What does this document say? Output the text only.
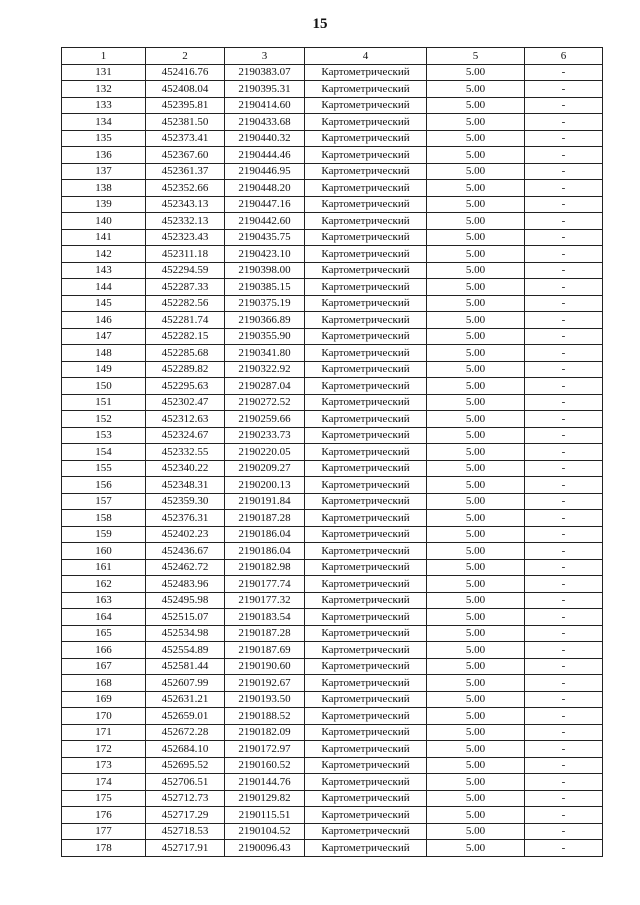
15
1	2	3	4	5	6
131	452416.76	2190383.07	Картометрический	5.00	-
132	452408.04	2190395.31	Картометрический	5.00	-
133	452395.81	2190414.60	Картометрический	5.00	-
134	452381.50	2190433.68	Картометрический	5.00	-
135	452373.41	2190440.32	Картометрический	5.00	-
136	452367.60	2190444.46	Картометрический	5.00	-
137	452361.37	2190446.95	Картометрический	5.00	-
138	452352.66	2190448.20	Картометрический	5.00	-
139	452343.13	2190447.16	Картометрический	5.00	-
140	452332.13	2190442.60	Картометрический	5.00	-
141	452323.43	2190435.75	Картометрический	5.00	-
142	452311.18	2190423.10	Картометрический	5.00	-
143	452294.59	2190398.00	Картометрический	5.00	-
144	452287.33	2190385.15	Картометрический	5.00	-
145	452282.56	2190375.19	Картометрический	5.00	-
146	452281.74	2190366.89	Картометрический	5.00	-
147	452282.15	2190355.90	Картометрический	5.00	-
148	452285.68	2190341.80	Картометрический	5.00	-
149	452289.82	2190322.92	Картометрический	5.00	-
150	452295.63	2190287.04	Картометрический	5.00	-
151	452302.47	2190272.52	Картометрический	5.00	-
152	452312.63	2190259.66	Картометрический	5.00	-
153	452324.67	2190233.73	Картометрический	5.00	-
154	452332.55	2190220.05	Картометрический	5.00	-
155	452340.22	2190209.27	Картометрический	5.00	-
156	452348.31	2190200.13	Картометрический	5.00	-
157	452359.30	2190191.84	Картометрический	5.00	-
158	452376.31	2190187.28	Картометрический	5.00	-
159	452402.23	2190186.04	Картометрический	5.00	-
160	452436.67	2190186.04	Картометрический	5.00	-
161	452462.72	2190182.98	Картометрический	5.00	-
162	452483.96	2190177.74	Картометрический	5.00	-
163	452495.98	2190177.32	Картометрический	5.00	-
164	452515.07	2190183.54	Картометрический	5.00	-
165	452534.98	2190187.28	Картометрический	5.00	-
166	452554.89	2190187.69	Картометрический	5.00	-
167	452581.44	2190190.60	Картометрический	5.00	-
168	452607.99	2190192.67	Картометрический	5.00	-
169	452631.21	2190193.50	Картометрический	5.00	-
170	452659.01	2190188.52	Картометрический	5.00	-
171	452672.28	2190182.09	Картометрический	5.00	-
172	452684.10	2190172.97	Картометрический	5.00	-
173	452695.52	2190160.52	Картометрический	5.00	-
174	452706.51	2190144.76	Картометрический	5.00	-
175	452712.73	2190129.82	Картометрический	5.00	-
176	452717.29	2190115.51	Картометрический	5.00	-
177	452718.53	2190104.52	Картометрический	5.00	-
178	452717.91	2190096.43	Картометрический	5.00	-
